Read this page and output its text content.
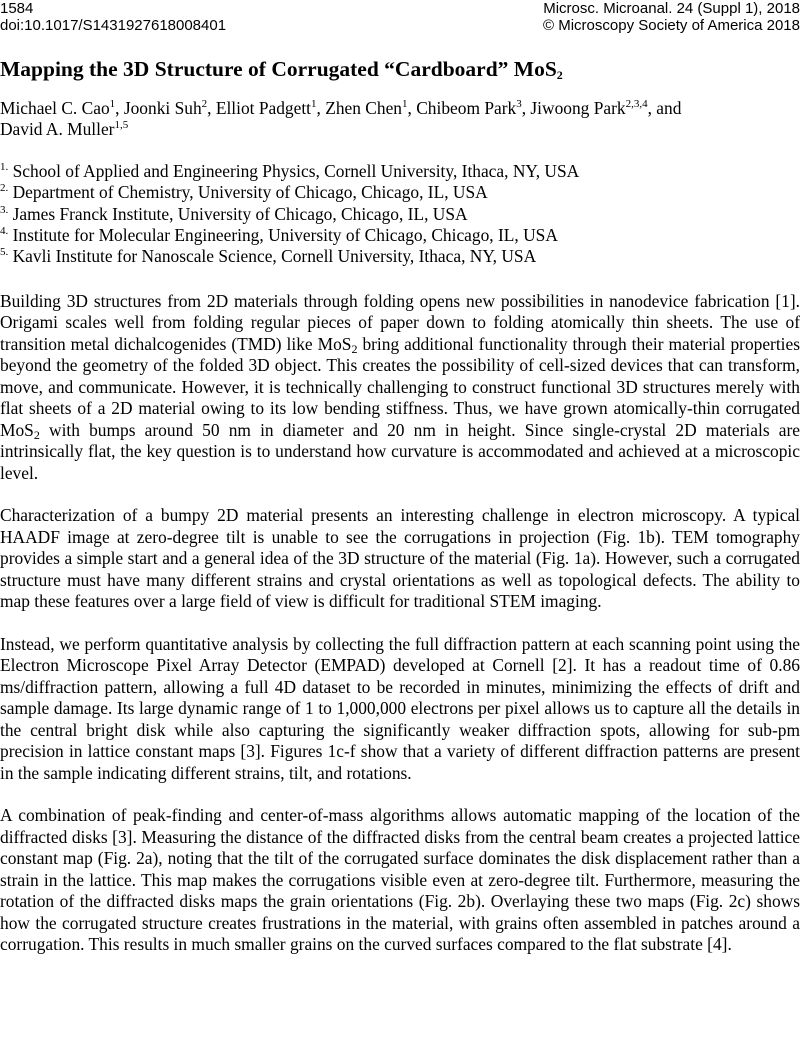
1584
doi:10.1017/S1431927618008401
Microsc. Microanal. 24 (Suppl 1), 2018
© Microscopy Society of America 2018
Mapping the 3D Structure of Corrugated “Cardboard” MoS$_2$
Michael C. Cao$^1$, Joonki Suh$^2$, Elliot Padgett$^1$, Zhen Chen$^1$, Chibeom Park$^3$, Jiwoong Park$^{2,3,4}$, and
David A. Muller$^{1,5}$
$^{1.}$ School of Applied and Engineering Physics, Cornell University, Ithaca, NY, USA
$^{2.}$ Department of Chemistry, University of Chicago, Chicago, IL, USA
$^{3.}$ James Franck Institute, University of Chicago, Chicago, IL, USA
$^{4.}$ Institute for Molecular Engineering, University of Chicago, Chicago, IL, USA
$^{5.}$ Kavli Institute for Nanoscale Science, Cornell University, Ithaca, NY, USA

Building 3D structures from 2D materials through folding opens new possibilities in nanodevice fabrication [1]. Origami scales well from folding regular pieces of paper down to folding atomically thin sheets. The use of transition metal dichalcogenides (TMD) like MoS$_2$ bring additional functionality through their material properties beyond the geometry of the folded 3D object. This creates the possibility of cell-sized devices that can transform, move, and communicate. However, it is technically challenging to construct functional 3D structures merely with flat sheets of a 2D material owing to its low bending stiffness. Thus, we have grown atomically-thin corrugated MoS$_2$ with bumps around 50 nm in diameter and 20 nm in height. Since single-crystal 2D materials are intrinsically flat, the key question is to understand how curvature is accommodated and achieved at a microscopic level.

Characterization of a bumpy 2D material presents an interesting challenge in electron microscopy. A typical HAADF image at zero-degree tilt is unable to see the corrugations in projection (Fig. 1b). TEM tomography provides a simple start and a general idea of the 3D structure of the material (Fig. 1a). However, such a corrugated structure must have many different strains and crystal orientations as well as topological defects. The ability to map these features over a large field of view is difficult for traditional STEM imaging.

Instead, we perform quantitative analysis by collecting the full diffraction pattern at each scanning point using the Electron Microscope Pixel Array Detector (EMPAD) developed at Cornell [2]. It has a readout time of 0.86 ms/diffraction pattern, allowing a full 4D dataset to be recorded in minutes, minimizing the effects of drift and sample damage. Its large dynamic range of 1 to 1,000,000 electrons per pixel allows us to capture all the details in the central bright disk while also capturing the significantly weaker diffraction spots, allowing for sub-pm precision in lattice constant maps [3]. Figures 1c-f show that a variety of different diffraction patterns are present in the sample indicating different strains, tilt, and rotations.

A combination of peak-finding and center-of-mass algorithms allows automatic mapping of the location of the diffracted disks [3]. Measuring the distance of the diffracted disks from the central beam creates a projected lattice constant map (Fig. 2a), noting that the tilt of the corrugated surface dominates the disk displacement rather than a strain in the lattice. This map makes the corrugations visible even at zero-degree tilt. Furthermore, measuring the rotation of the diffracted disks maps the grain orientations (Fig. 2b). Overlaying these two maps (Fig. 2c) shows how the corrugated structure creates frustrations in the material, with grains often assembled in patches around a corrugation. This results in much smaller grains on the curved surfaces compared to the flat substrate [4].
